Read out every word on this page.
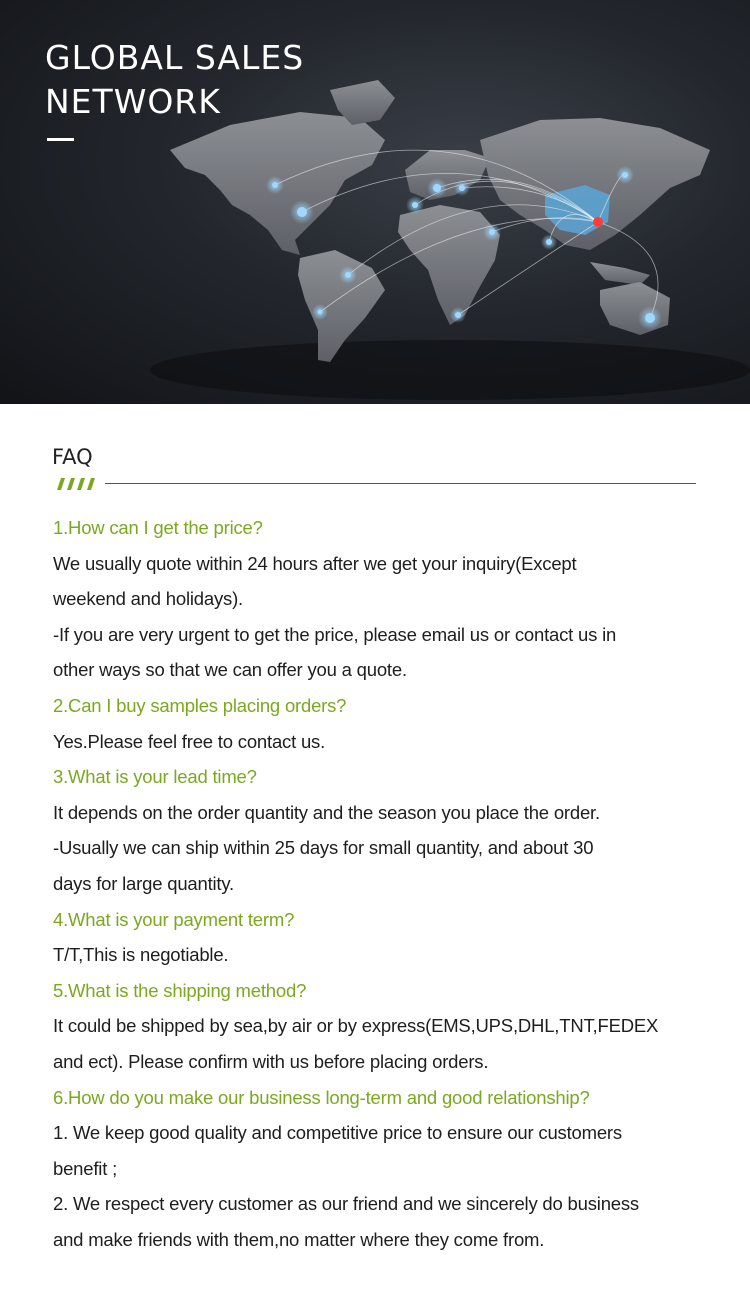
GLOBAL SALES
NETWORK
FAQ

1.How can I get the price?

We usually quote within 24 hours after we get your inquiry(Except

weekend and holidays).

-If you are very urgent to get the price, please email us or contact us in

other ways so that we can offer you a quote.

2.Can I buy samples placing orders?

Yes.Please feel free to contact us.

3.What is your lead time?

It depends on the order quantity and the season you place the order.

-Usually we can ship within 25 days for small quantity, and about 30

days for large quantity.

4.What is your payment term?

T/T,This is negotiable.

5.What is the shipping method?

It could be shipped by sea,by air or by express(EMS,UPS,DHL,TNT,FEDEX

and ect). Please confirm with us before placing orders.

6.How do you make our business long-term and good relationship?

1. We keep good quality and competitive price to ensure our customers

benefit ;

2. We respect every customer as our friend and we sincerely do business

and make friends with them,no matter where they come from.
